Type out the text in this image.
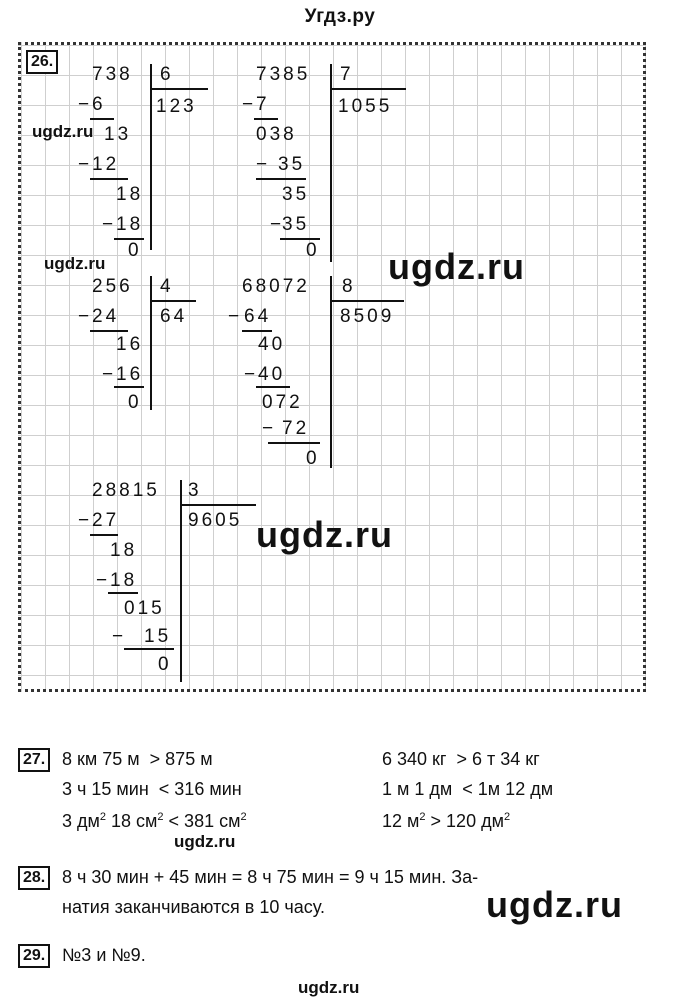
Угдз.ру
26.
738 6
123
− 6
13
− 12
18
− 18
0
7385 7
1055
− 7
038
− 35
35
−
35
0
256 4
64
− 24
16
− 16
0
68072 8
8509
− 64
40
− 40
072
− 72
0
28815 3
9605
− 27
18
− 18
015
− 15
0
ugdz.ru
ugdz.ru	ugdz.ru
ugdz.ru
ugdz.ru
ugdz.ru
ugdz.ru
27. 8 км 75 м  > 875 м	6 340 кг  > 6 т 34 кг
3 ч 15 мин  < 316 мин	1 м 1 дм  < 1м 12 дм
3 $дм^2$ 18 $см^2 < 381$ $см^2$	12 $м^2 > 120$ $дм^2$
28. 8 ч 30 мин + 45 мин = 8 ч 75 мин = 9 ч 15 мин. За-
натия заканчиваются в 10 часу.
29. №3 и №9.
